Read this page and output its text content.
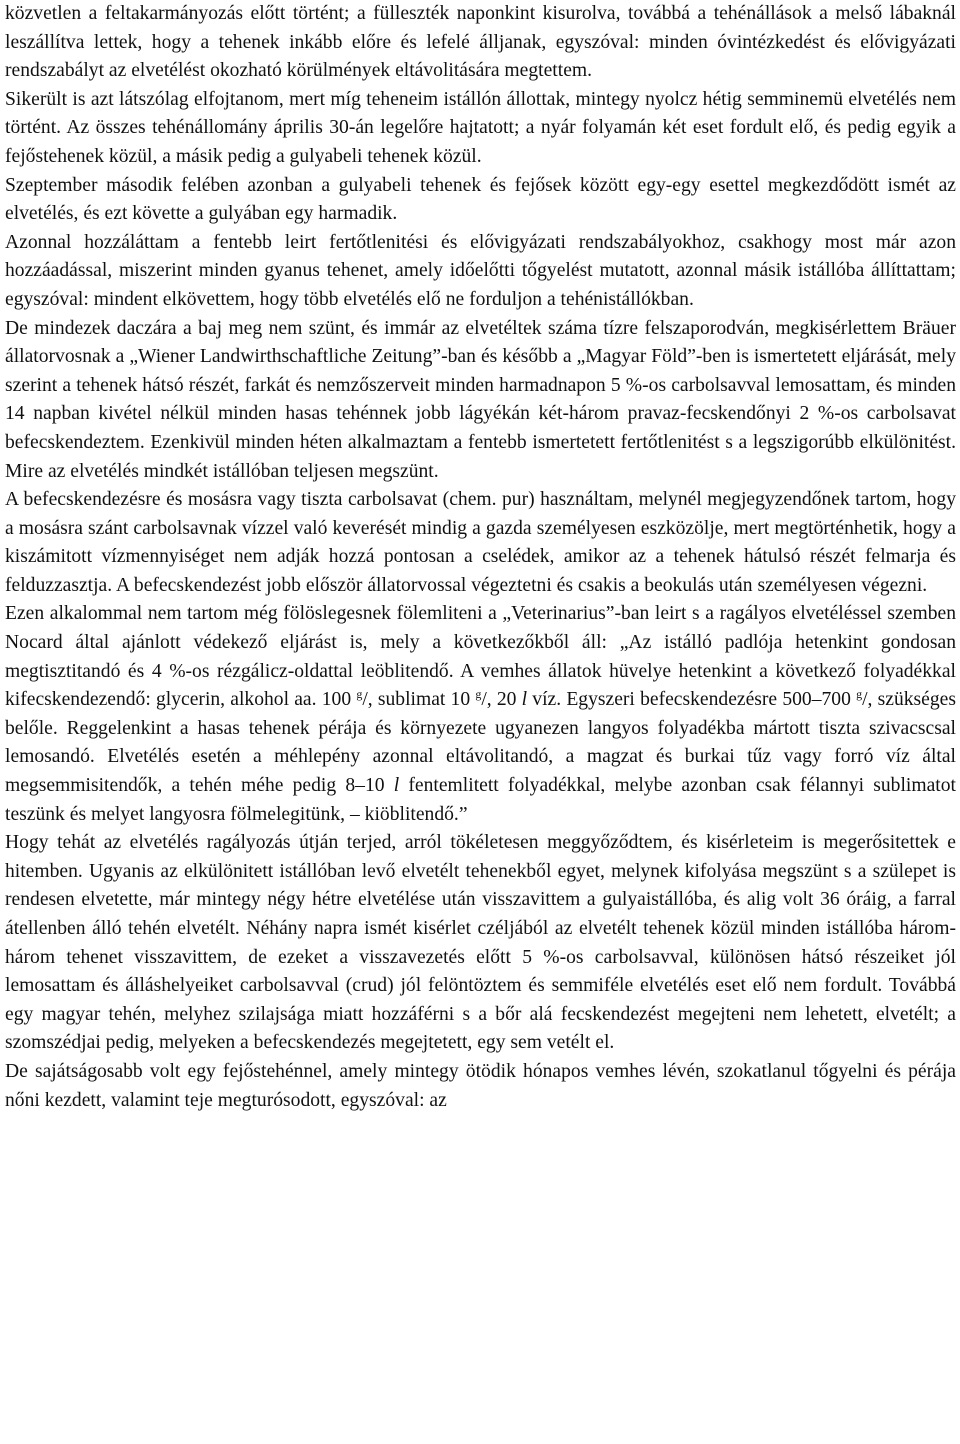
közvetlen a feltakarmányozás előtt történt; a fülleszték naponkint kisurolva, továbbá a tehénállások a melső lábaknál leszállítva lettek, hogy a tehenek inkább előre és lefelé álljanak, egyszóval: minden óvintézkedést és elővigyázati rendszabályt az elvetélést okozható körülmények eltávolitására megtettem.

Sikerült is azt látszólag elfojtanom, mert míg teheneim istállón állottak, mintegy nyolcz hétig semminemü elvetélés nem történt. Az összes tehénállomány április 30-án legelőre hajtatott; a nyár folyamán két eset fordult elő, és pedig egyik a fejőstehenek közül, a másik pedig a gulyabeli tehenek közül.

Szeptember második felében azonban a gulyabeli tehenek és fejősek között egy-egy esettel megkezdődött ismét az elvetélés, és ezt követte a gulyában egy harmadik.

Azonnal hozzáláttam a fentebb leirt fertőtlenitési és elővigyázati rendszabályokhoz, csakhogy most már azon hozzáadással, miszerint minden gyanus tehenet, amely időelőtti tőgyelést mutatott, azonnal másik istállóba állíttattam; egyszóval: mindent elkövettem, hogy több elvetélés elő ne forduljon a tehénistállókban.

De mindezek daczára a baj meg nem szünt, és immár az elvetéltek száma tízre felszaporodván, megkisérlettem Bräuer állatorvosnak a „Wiener Landwirthschaftliche Zeitung”-ban és később a „Magyar Föld”-ben is ismertetett eljárását, mely szerint a tehenek hátsó részét, farkát és nemzőszerveit minden harmadnapon 5 %-os carbolsavval lemosattam, és minden 14 napban kivétel nélkül minden hasas tehénnek jobb lágyékán két-három pravaz-fecskendőnyi 2 %-os carbolsavat befecskendeztem. Ezenkivül minden héten alkalmaztam a fentebb ismertetett fertőtlenitést s a legszigorúbb elkülönitést. Mire az elvetélés mindkét istállóban teljesen megszünt.

A befecskendezésre és mosásra vagy tiszta carbolsavat (chem. pur) használtam, melynél megjegyzendőnek tartom, hogy a mosásra szánt carbolsavnak vízzel való keverését mindig a gazda személyesen eszközölje, mert megtörténhetik, hogy a kiszámitott vízmennyiséget nem adják hozzá pontosan a cselédek, amikor az a tehenek hátulsó részét felmarja és felduzzasztja. A befecskendezést jobb először állatorvossal végeztetni és csakis a beokulás után személyesen végezni.

Ezen alkalommal nem tartom még fölöslegesnek fölemliteni a „Veterinarius”-ban leirt s a ragályos elvetéléssel szemben Nocard által ajánlott védekező eljárást is, mely a következőkből áll: „Az istálló padlója hetenkint gondosan megtisztitandó és 4 %-os rézgálicz-oldattal leöblitendő. A vemhes állatok hüvelye hetenkint a következő folyadékkal kifecskendezendő: glycerin, alkohol aa. 100 $^g$/, sublimat 10 $^g$/, 20 l víz. Egyszeri befecskendezésre 500–700 $^g$/, szükséges belőle. Reggelenkint a hasas tehenek pérája és környezete ugyanezen langyos folyadékba mártott tiszta szivacscsal lemosandó. Elvetélés esetén a méhlepény azonnal eltávolitandó, a magzat és burkai tűz vagy forró víz által megsemmisitendők, a tehén méhe pedig 8–10 l fentemlitett folyadékkal, melybe azonban csak félannyi sublimatot teszünk és melyet langyosra fölmelegitünk, – kiöblitendő.”

Hogy tehát az elvetélés ragályozás útján terjed, arról tökéletesen meggyőződtem, és kisérleteim is megerősitettek e hitemben. Ugyanis az elkülönitett istállóban levő elvetélt tehenekből egyet, melynek kifolyása megszünt s a szülepet is rendesen elvetette, már mintegy négy hétre elvetélése után visszavittem a gulyaistállóba, és alig volt 36 óráig, a farral átellenben álló tehén elvetélt. Néhány napra ismét kisérlet czéljából az elvetélt tehenek közül minden istállóba három-három tehenet visszavittem, de ezeket a visszavezetés előtt 5 %-os carbolsavval, különösen hátsó részeiket jól lemosattam és álláshelyeiket carbolsavval (crud) jól felöntöztem és semmiféle elvetélés eset elő nem fordult. Továbbá egy magyar tehén, melyhez szilajsága miatt hozzáférni s a bőr alá fecskendezést megejteni nem lehetett, elvetélt; a szomszédjai pedig, melyeken a befecskendezés megejtetett, egy sem vetélt el.

De sajátságosabb volt egy fejőstehénnel, amely mintegy ötödik hónapos vemhes lévén, szokatlanul tőgyelni és pérája nőni kezdett, valamint teje megturósodott, egyszóval: az
